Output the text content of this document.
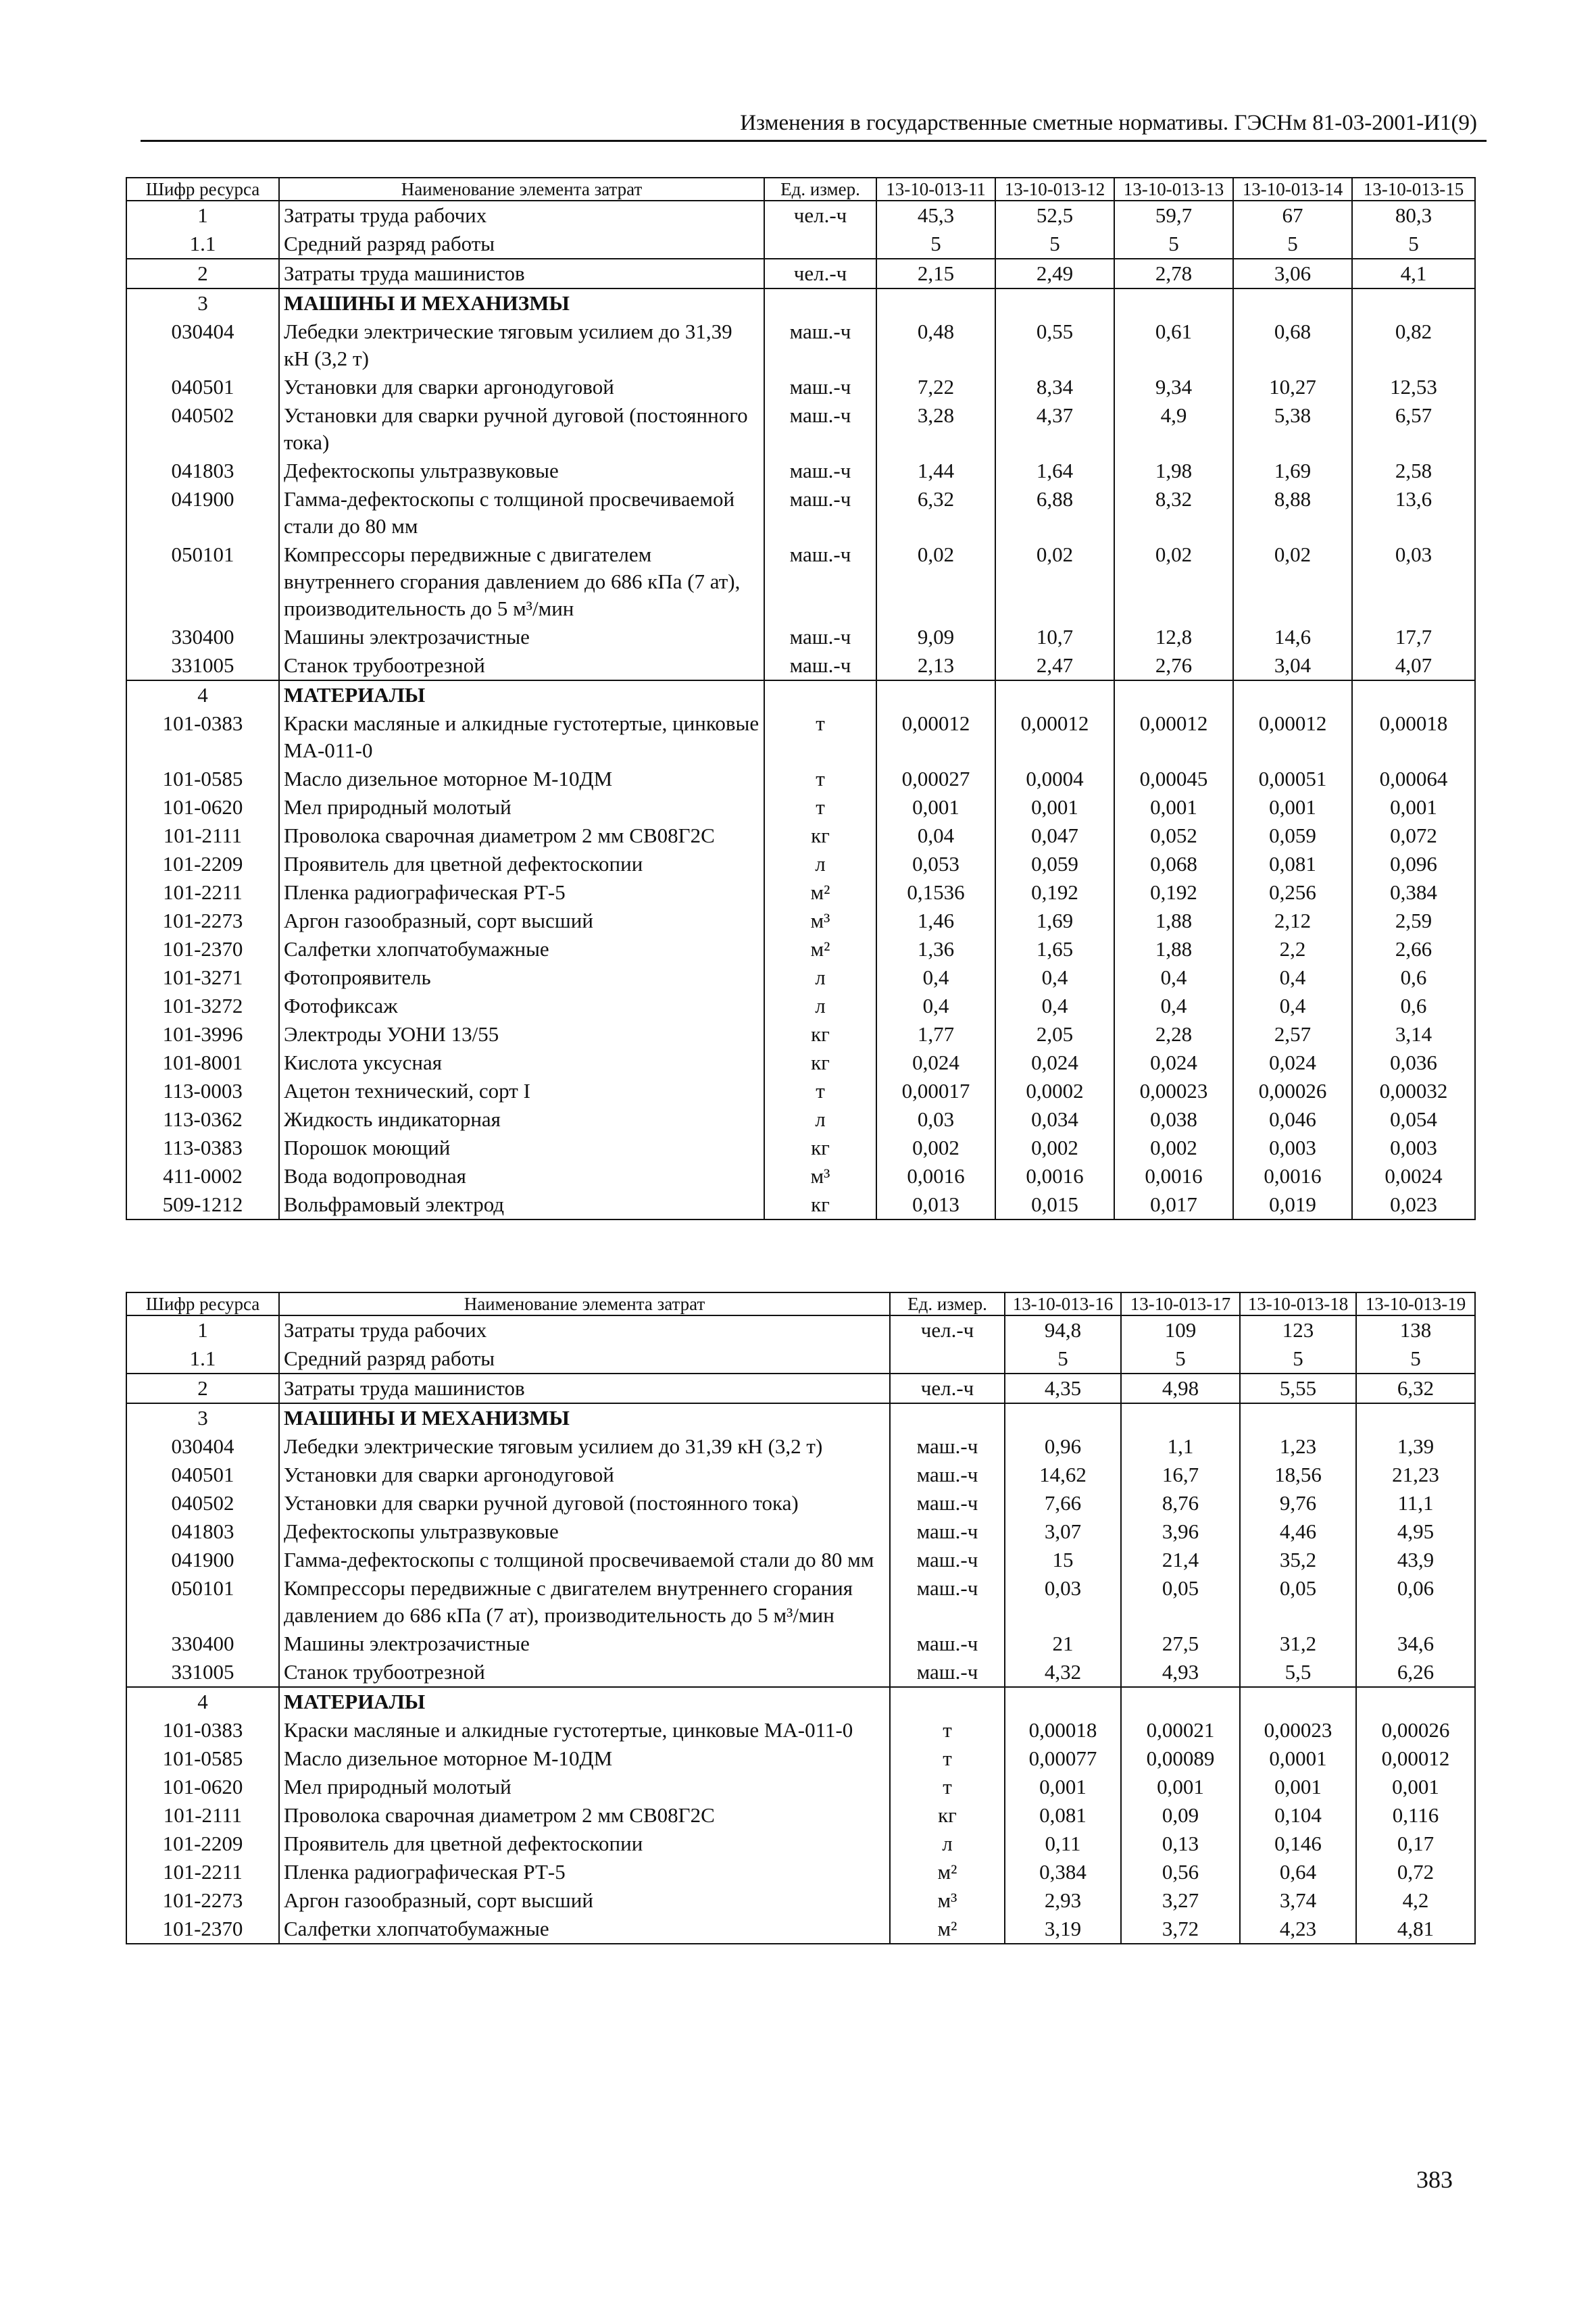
Изменения в государственные сметные нормативы. ГЭСНм 81-03-2001-И1(9)
Шифр ресурса	Наименование элемента затрат	Ед. измер.	13-10-013-11	13-10-013-12	13-10-013-13	13-10-013-14	13-10-013-15
1	Затраты труда рабочих	чел.-ч	45,3	52,5	59,7	67	80,3
1.1	Средний разряд работы		5	5	5	5	5
2	Затраты труда машинистов	чел.-ч	2,15	2,49	2,78	3,06	4,1
3	МАШИНЫ И МЕХАНИЗМЫ						
030404	Лебедки электрические тяговым усилием до 31,39 кН (3,2 т)	маш.-ч	0,48	0,55	0,61	0,68	0,82
040501	Установки для сварки аргонодуговой	маш.-ч	7,22	8,34	9,34	10,27	12,53
040502	Установки для сварки ручной дуговой (постоянного тока)	маш.-ч	3,28	4,37	4,9	5,38	6,57
041803	Дефектоскопы ультразвуковые	маш.-ч	1,44	1,64	1,98	1,69	2,58
041900	Гамма-дефектоскопы с толщиной просвечиваемой стали до 80 мм	маш.-ч	6,32	6,88	8,32	8,88	13,6
050101	Компрессоры передвижные с двигателем внутреннего сгорания давлением до 686 кПа (7 ат), производительность до 5 м³/мин	маш.-ч	0,02	0,02	0,02	0,02	0,03
330400	Машины электрозачистные	маш.-ч	9,09	10,7	12,8	14,6	17,7
331005	Станок трубоотрезной	маш.-ч	2,13	2,47	2,76	3,04	4,07
4	МАТЕРИАЛЫ						
101-0383	Краски масляные и алкидные густотертые, цинковые МА-011-0	т	0,00012	0,00012	0,00012	0,00012	0,00018
101-0585	Масло дизельное моторное М-10ДМ	т	0,00027	0,0004	0,00045	0,00051	0,00064
101-0620	Мел природный молотый	т	0,001	0,001	0,001	0,001	0,001
101-2111	Проволока сварочная диаметром 2 мм СВ08Г2С	кг	0,04	0,047	0,052	0,059	0,072
101-2209	Проявитель для цветной дефектоскопии	л	0,053	0,059	0,068	0,081	0,096
101-2211	Пленка радиографическая РТ-5	м²	0,1536	0,192	0,192	0,256	0,384
101-2273	Аргон газообразный, сорт высший	м³	1,46	1,69	1,88	2,12	2,59
101-2370	Салфетки хлопчатобумажные	м²	1,36	1,65	1,88	2,2	2,66
101-3271	Фотопроявитель	л	0,4	0,4	0,4	0,4	0,6
101-3272	Фотофиксаж	л	0,4	0,4	0,4	0,4	0,6
101-3996	Электроды УОНИ 13/55	кг	1,77	2,05	2,28	2,57	3,14
101-8001	Кислота уксусная	кг	0,024	0,024	0,024	0,024	0,036
113-0003	Ацетон технический, сорт I	т	0,00017	0,0002	0,00023	0,00026	0,00032
113-0362	Жидкость индикаторная	л	0,03	0,034	0,038	0,046	0,054
113-0383	Порошок моющий	кг	0,002	0,002	0,002	0,003	0,003
411-0002	Вода водопроводная	м³	0,0016	0,0016	0,0016	0,0016	0,0024
509-1212	Вольфрамовый электрод	кг	0,013	0,015	0,017	0,019	0,023
Шифр ресурса	Наименование элемента затрат	Ед. измер.	13-10-013-16	13-10-013-17	13-10-013-18	13-10-013-19
1	Затраты труда рабочих	чел.-ч	94,8	109	123	138
1.1	Средний разряд работы		5	5	5	5
2	Затраты труда машинистов	чел.-ч	4,35	4,98	5,55	6,32
3	МАШИНЫ И МЕХАНИЗМЫ					
030404	Лебедки электрические тяговым усилием до 31,39 кН (3,2 т)	маш.-ч	0,96	1,1	1,23	1,39
040501	Установки для сварки аргонодуговой	маш.-ч	14,62	16,7	18,56	21,23
040502	Установки для сварки ручной дуговой (постоянного тока)	маш.-ч	7,66	8,76	9,76	11,1
041803	Дефектоскопы ультразвуковые	маш.-ч	3,07	3,96	4,46	4,95
041900	Гамма-дефектоскопы с толщиной просвечиваемой стали до 80 мм	маш.-ч	15	21,4	35,2	43,9
050101	Компрессоры передвижные с двигателем внутреннего сгорания давлением до 686 кПа (7 ат), производительность до 5 м³/мин	маш.-ч	0,03	0,05	0,05	0,06
330400	Машины электрозачистные	маш.-ч	21	27,5	31,2	34,6
331005	Станок трубоотрезной	маш.-ч	4,32	4,93	5,5	6,26
4	МАТЕРИАЛЫ					
101-0383	Краски масляные и алкидные густотертые, цинковые МА-011-0	т	0,00018	0,00021	0,00023	0,00026
101-0585	Масло дизельное моторное М-10ДМ	т	0,00077	0,00089	0,0001	0,00012
101-0620	Мел природный молотый	т	0,001	0,001	0,001	0,001
101-2111	Проволока сварочная диаметром 2 мм СВ08Г2С	кг	0,081	0,09	0,104	0,116
101-2209	Проявитель для цветной дефектоскопии	л	0,11	0,13	0,146	0,17
101-2211	Пленка радиографическая РТ-5	м²	0,384	0,56	0,64	0,72
101-2273	Аргон газообразный, сорт высший	м³	2,93	3,27	3,74	4,2
101-2370	Салфетки хлопчатобумажные	м²	3,19	3,72	4,23	4,81
383
